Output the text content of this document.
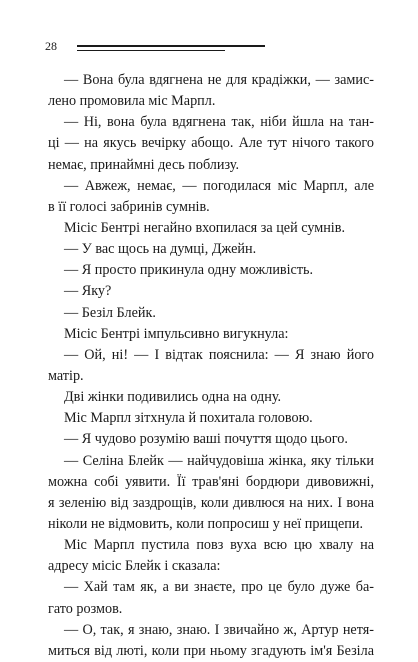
28
— Вона була вдягнена не для крадіжки, — замис-
лено промовила міс Марпл.
— Ні, вона була вдягнена так, ніби йшла на тан-
ці — на якусь вечірку абощо. Але тут нічого такого
немає, принаймні десь поблизу.
— Авжеж, немає, — погодилася міс Марпл, але
в її голосі забринів сумнів.
Місіс Бентрі негайно вхопилася за цей сумнів.
— У вас щось на думці, Джейн.
— Я просто прикинула одну можливість.
— Яку?
— Безіл Блейк.
Місіс Бентрі імпульсивно вигукнула:
— Ой, ні! — І відтак пояснила: — Я знаю його
матір.
Дві жінки подивились одна на одну.
Міс Марпл зітхнула й похитала головою.
— Я чудово розумію ваші почуття щодо цього.
— Селіна Блейк — найчудовіша жінка, яку тільки
можна собі уявити. Її трав'яні бордюри дивовижні,
я зеленію від заздрощів, коли дивлюся на них. І вона
ніколи не відмовить, коли попросиш у неї прищепи.
Міс Марпл пустила повз вуха всю цю хвалу на
адресу місіс Блейк і сказала:
— Хай там як, а ви знаєте, про це було дуже ба-
гато розмов.
— О, так, я знаю, знаю. І звичайно ж, Артур нетя-
миться від люті, коли при ньому згадують ім'я Безіла
